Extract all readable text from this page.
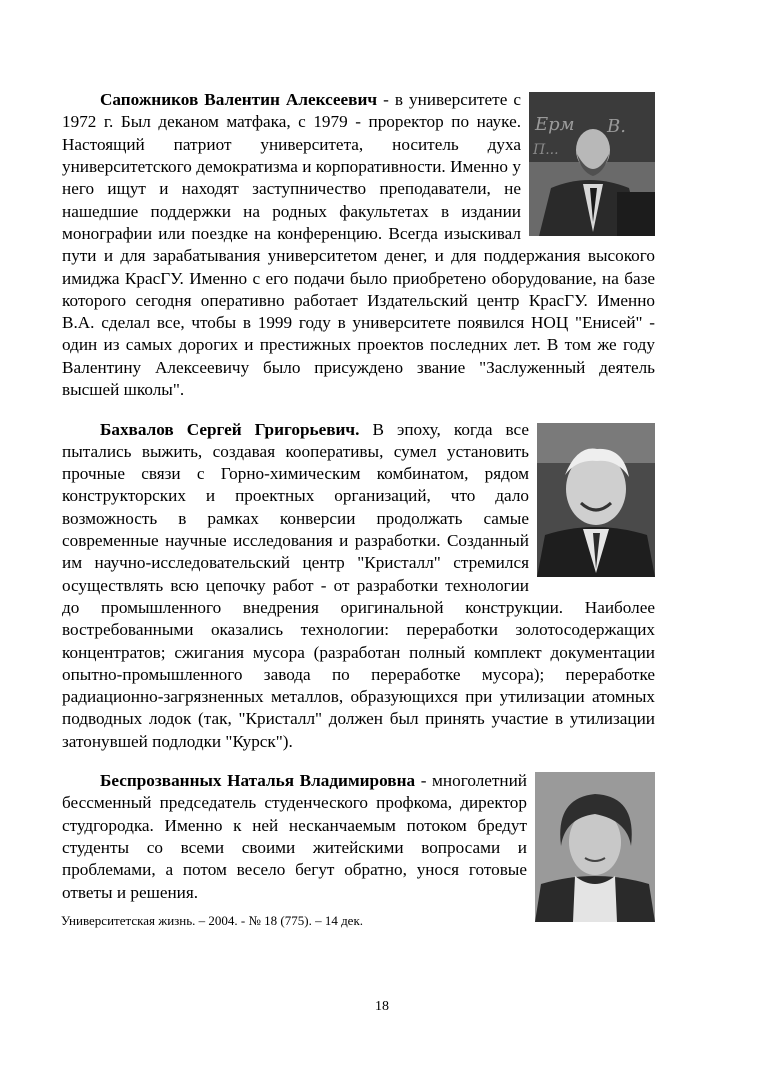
Ерм В.
П...

Сапожников Валентин Алексеевич - в университете с 1972 г. Был деканом матфака, с 1979 - проректор по науке. Настоящий патриот университета, носитель духа университетского демократизма и корпоративности. Именно у него ищут и находят заступничество преподаватели, не нашедшие поддержки на родных факультетах в издании монографии или поездке на конференцию. Всегда изыскивал пути и для зарабатывания университетом денег, и для поддержания высокого имиджа КрасГУ. Именно с его подачи было приобретено оборудование, на базе которого сегодня оперативно работает Издательский центр КрасГУ. Именно В.А. сделал все, чтобы в 1999 году в университете появился НОЦ "Енисей" - один из самых дорогих и престижных проектов последних лет. В том же году Валентину Алексеевичу было присуждено звание "Заслуженный деятель высшей школы".

Бахвалов Сергей Григорьевич. В эпоху, когда все пытались выжить, создавая кооперативы, сумел установить прочные связи с Горно-химическим комбинатом, рядом конструкторских и проектных организаций, что дало возможность в рамках конверсии продолжать самые современные научные исследования и разработки. Созданный им научно-исследовательский центр "Кристалл" стремился осуществлять всю цепочку работ - от разработки технологии до промышленного внедрения оригинальной конструкции. Наиболее востребованными оказались технологии: переработки золотосодержащих концентратов; сжигания мусора (разработан полный комплект документации опытно-промышленного завода по переработке мусора); переработке радиационно-загрязненных металлов, образующихся при утилизации атомных подводных лодок (так, "Кристалл" должен был принять участие в утилизации затонувшей подлодки "Курск").

Беспрозванных Наталья Владимировна - многолетний бессменный председатель студенческого профкома, директор студгородка. Именно к ней несканчаемым потоком бредут студенты со всеми своими житейскими вопросами и проблемами, а потом весело бегут обратно, унося готовые ответы и решения.

Университетская жизнь. – 2004. - № 18 (775). – 14 дек.
18
